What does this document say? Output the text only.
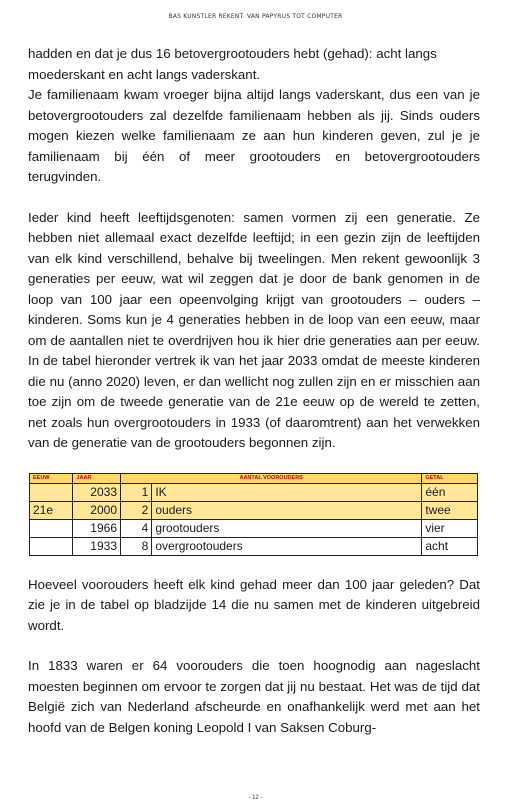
BAS KUNSTLER REKENT. VAN PAPYRUS TOT COMPUTER

hadden en dat je dus 16 betovergrootouders hebt (gehad): acht langs moederskant en acht langs vaderskant.

Je familienaam kwam vroeger bijna altijd langs vaderskant, dus een van je betovergrootouders zal dezelfde familienaam hebben als jij. Sinds ouders mogen kiezen welke familienaam ze aan hun kinderen geven, zul je je familienaam bij één of meer grootouders en betovergrootouders terugvinden.

Ieder kind heeft leeftijdsgenoten: samen vormen zij een generatie. Ze hebben niet allemaal exact dezelfde leeftijd; in een gezin zijn de leeftijden van elk kind verschillend, behalve bij tweelingen. Men rekent gewoonlijk 3 generaties per eeuw, wat wil zeggen dat je door de bank genomen in de loop van 100 jaar een opeenvolging krijgt van grootouders – ouders – kinderen. Soms kun je 4 generaties hebben in de loop van een eeuw, maar om de aantallen niet te overdrijven hou ik hier drie generaties aan per eeuw. In de tabel hieronder vertrek ik van het jaar 2033 omdat de meeste kinderen die nu (anno 2020) leven, er dan wellicht nog zullen zijn en er misschien aan toe zijn om de tweede generatie van de 21e eeuw op de wereld te zetten, net zoals hun overgrootouders in 1933 (of daaromtrent) aan het verwekken van de generatie van de grootouders begonnen zijn.

EEUW	JAAR	AANTAL VOOROUDERS		GETAL
	2033	1	IK	één
21e	2000	2	ouders	twee
	1966	4	grootouders	vier
	1933	8	overgrootouders	acht

Hoeveel voorouders heeft elk kind gehad meer dan 100 jaar geleden? Dat zie je in de tabel op bladzijde 14 die nu samen met de kinderen uitgebreid wordt.

In 1833 waren er 64 voorouders die toen hoognodig aan nageslacht moesten beginnen om ervoor te zorgen dat jij nu bestaat. Het was de tijd dat België zich van Nederland afscheurde en onafhankelijk werd met aan het hoofd van de Belgen koning Leopold I van Saksen Coburg-

- 12 -
